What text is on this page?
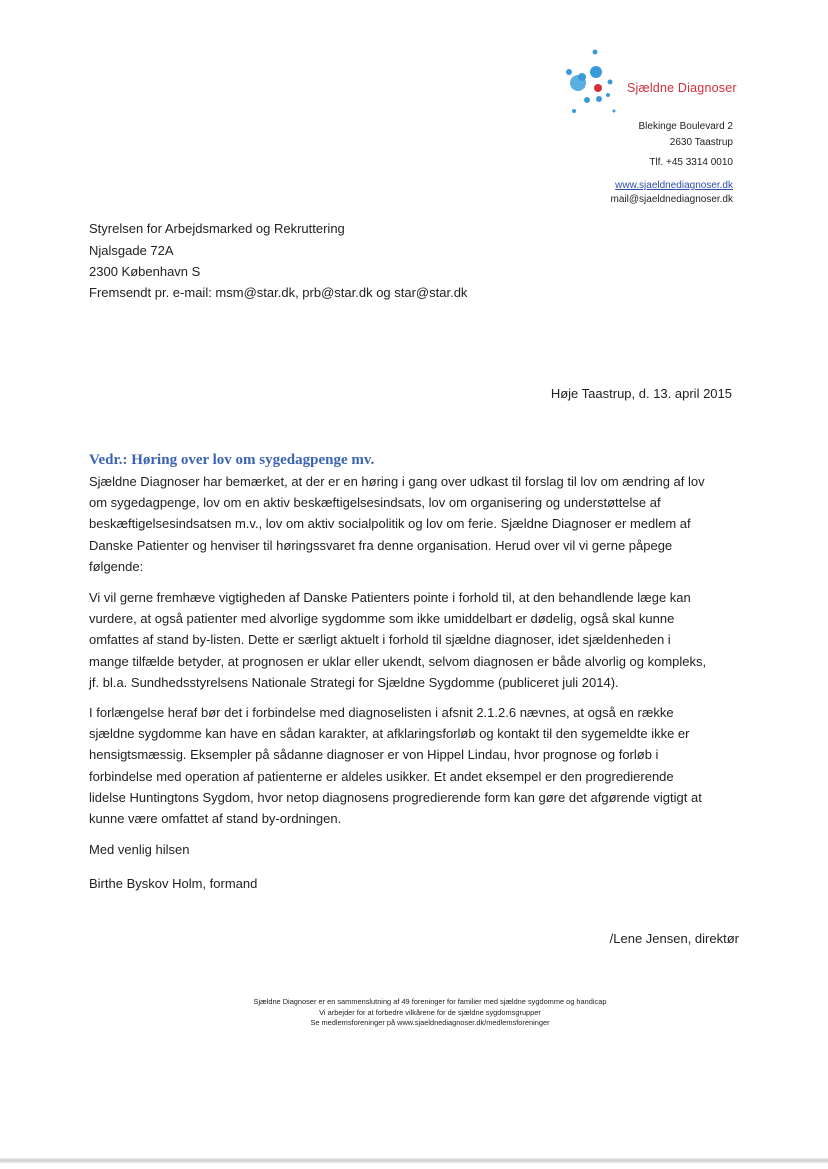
Sjældne Diagnoser
Blekinge Boulevard 2
2630 Taastrup
Tlf. +45 3314 0010
www.sjaeldnediagnoser.dk
mail@sjaeldnediagnoser.dk
Styrelsen for Arbejdsmarked og Rekruttering
Njalsgade 72A
2300 København S
Fremsendt pr. e-mail: msm@star.dk, prb@star.dk og star@star.dk
Høje Taastrup, d. 13. april 2015
Vedr.: Høring over lov om sygedagpenge mv.
Sjældne Diagnoser har bemærket, at der er en høring i gang over udkast til forslag til lov om ændring af lov
om sygedagpenge, lov om en aktiv beskæftigelsesindsats, lov om organisering og understøttelse af
beskæftigelsesindsatsen m.v., lov om aktiv socialpolitik og lov om ferie. Sjældne Diagnoser er medlem af
Danske Patienter og henviser til høringssvaret fra denne organisation. Herud over vil vi gerne påpege
følgende:
Vi vil gerne fremhæve vigtigheden af Danske Patienters pointe i forhold til, at den behandlende læge kan
vurdere, at også patienter med alvorlige sygdomme som ikke umiddelbart er dødelig, også skal kunne
omfattes af stand by-listen. Dette er særligt aktuelt i forhold til sjældne diagnoser, idet sjældenheden i
mange tilfælde betyder, at prognosen er uklar eller ukendt, selvom diagnosen er både alvorlig og kompleks,
jf. bl.a. Sundhedsstyrelsens Nationale Strategi for Sjældne Sygdomme (publiceret juli 2014).
I forlængelse heraf bør det i forbindelse med diagnoselisten i afsnit 2.1.2.6 nævnes, at også en række
sjældne sygdomme kan have en sådan karakter, at afklaringsforløb og kontakt til den sygemeldte ikke er
hensigtsmæssig. Eksempler på sådanne diagnoser er von Hippel Lindau, hvor prognose og forløb i
forbindelse med operation af patienterne er aldeles usikker. Et andet eksempel er den progredierende
lidelse Huntingtons Sygdom, hvor netop diagnosens progredierende form kan gøre det afgørende vigtigt at
kunne være omfattet af stand by-ordningen.
Med venlig hilsen
Birthe Byskov Holm, formand
/Lene Jensen, direktør
Sjældne Diagnoser er en sammenslutning af 49 foreninger for familier med sjældne sygdomme og handicap
Vi arbejder for at forbedre vilkårene for de sjældne sygdomsgrupper
Se medlemsforeninger på www.sjaeldnediagnoser.dk/medlemsforeninger
